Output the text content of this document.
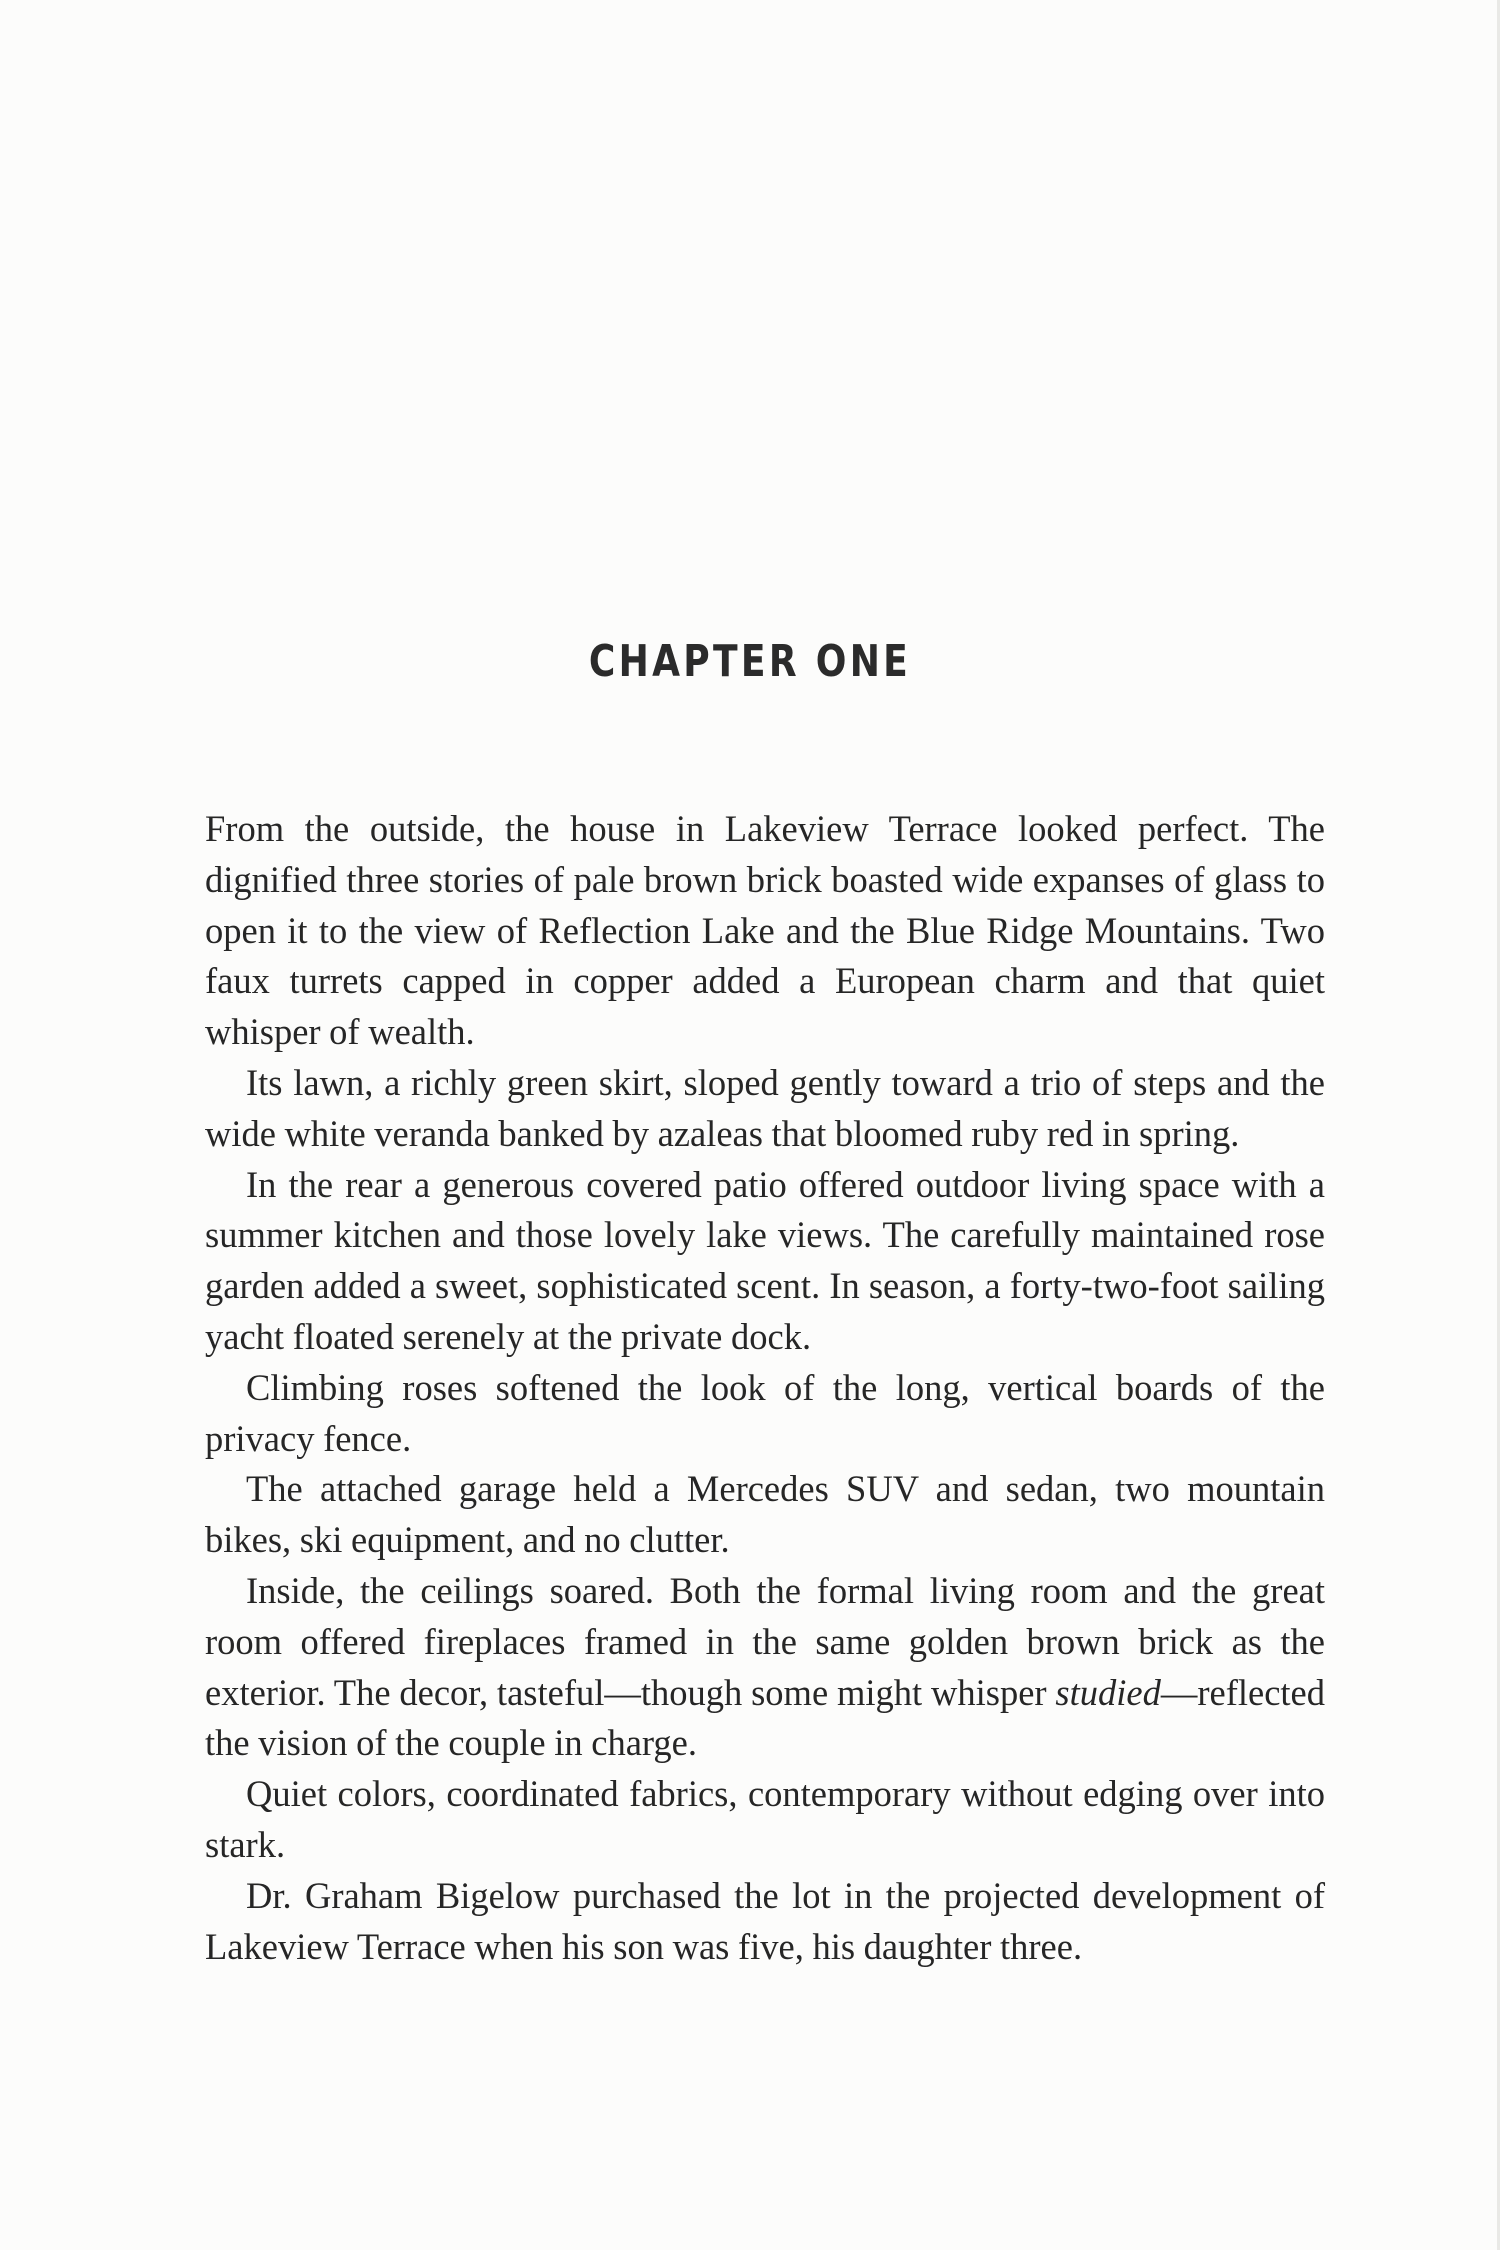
CHAPTER ONE

From the outside, the house in Lakeview Terrace looked perfect. The dignified three stories of pale brown brick boasted wide expanses of glass to open it to the view of Reflection Lake and the Blue Ridge Mountains. Two faux turrets capped in copper added a European charm and that quiet whisper of wealth.

Its lawn, a richly green skirt, sloped gently toward a trio of steps and the wide white veranda banked by azaleas that bloomed ruby red in spring.

In the rear a generous covered patio offered outdoor living space with a summer kitchen and those lovely lake views. The carefully maintained rose garden added a sweet, sophisticated scent. In season, a forty-two-foot sailing yacht floated serenely at the private dock.

Climbing roses softened the look of the long, vertical boards of the privacy fence.

The attached garage held a Mercedes SUV and sedan, two mountain bikes, ski equipment, and no clutter.

Inside, the ceilings soared. Both the formal living room and the great room offered fireplaces framed in the same golden brown brick as the exterior. The decor, tasteful—though some might whisper studied—reflected the vision of the couple in charge.

Quiet colors, coordinated fabrics, contemporary without edging over into stark.

Dr. Graham Bigelow purchased the lot in the projected development of Lakeview Terrace when his son was five, his daughter three.
